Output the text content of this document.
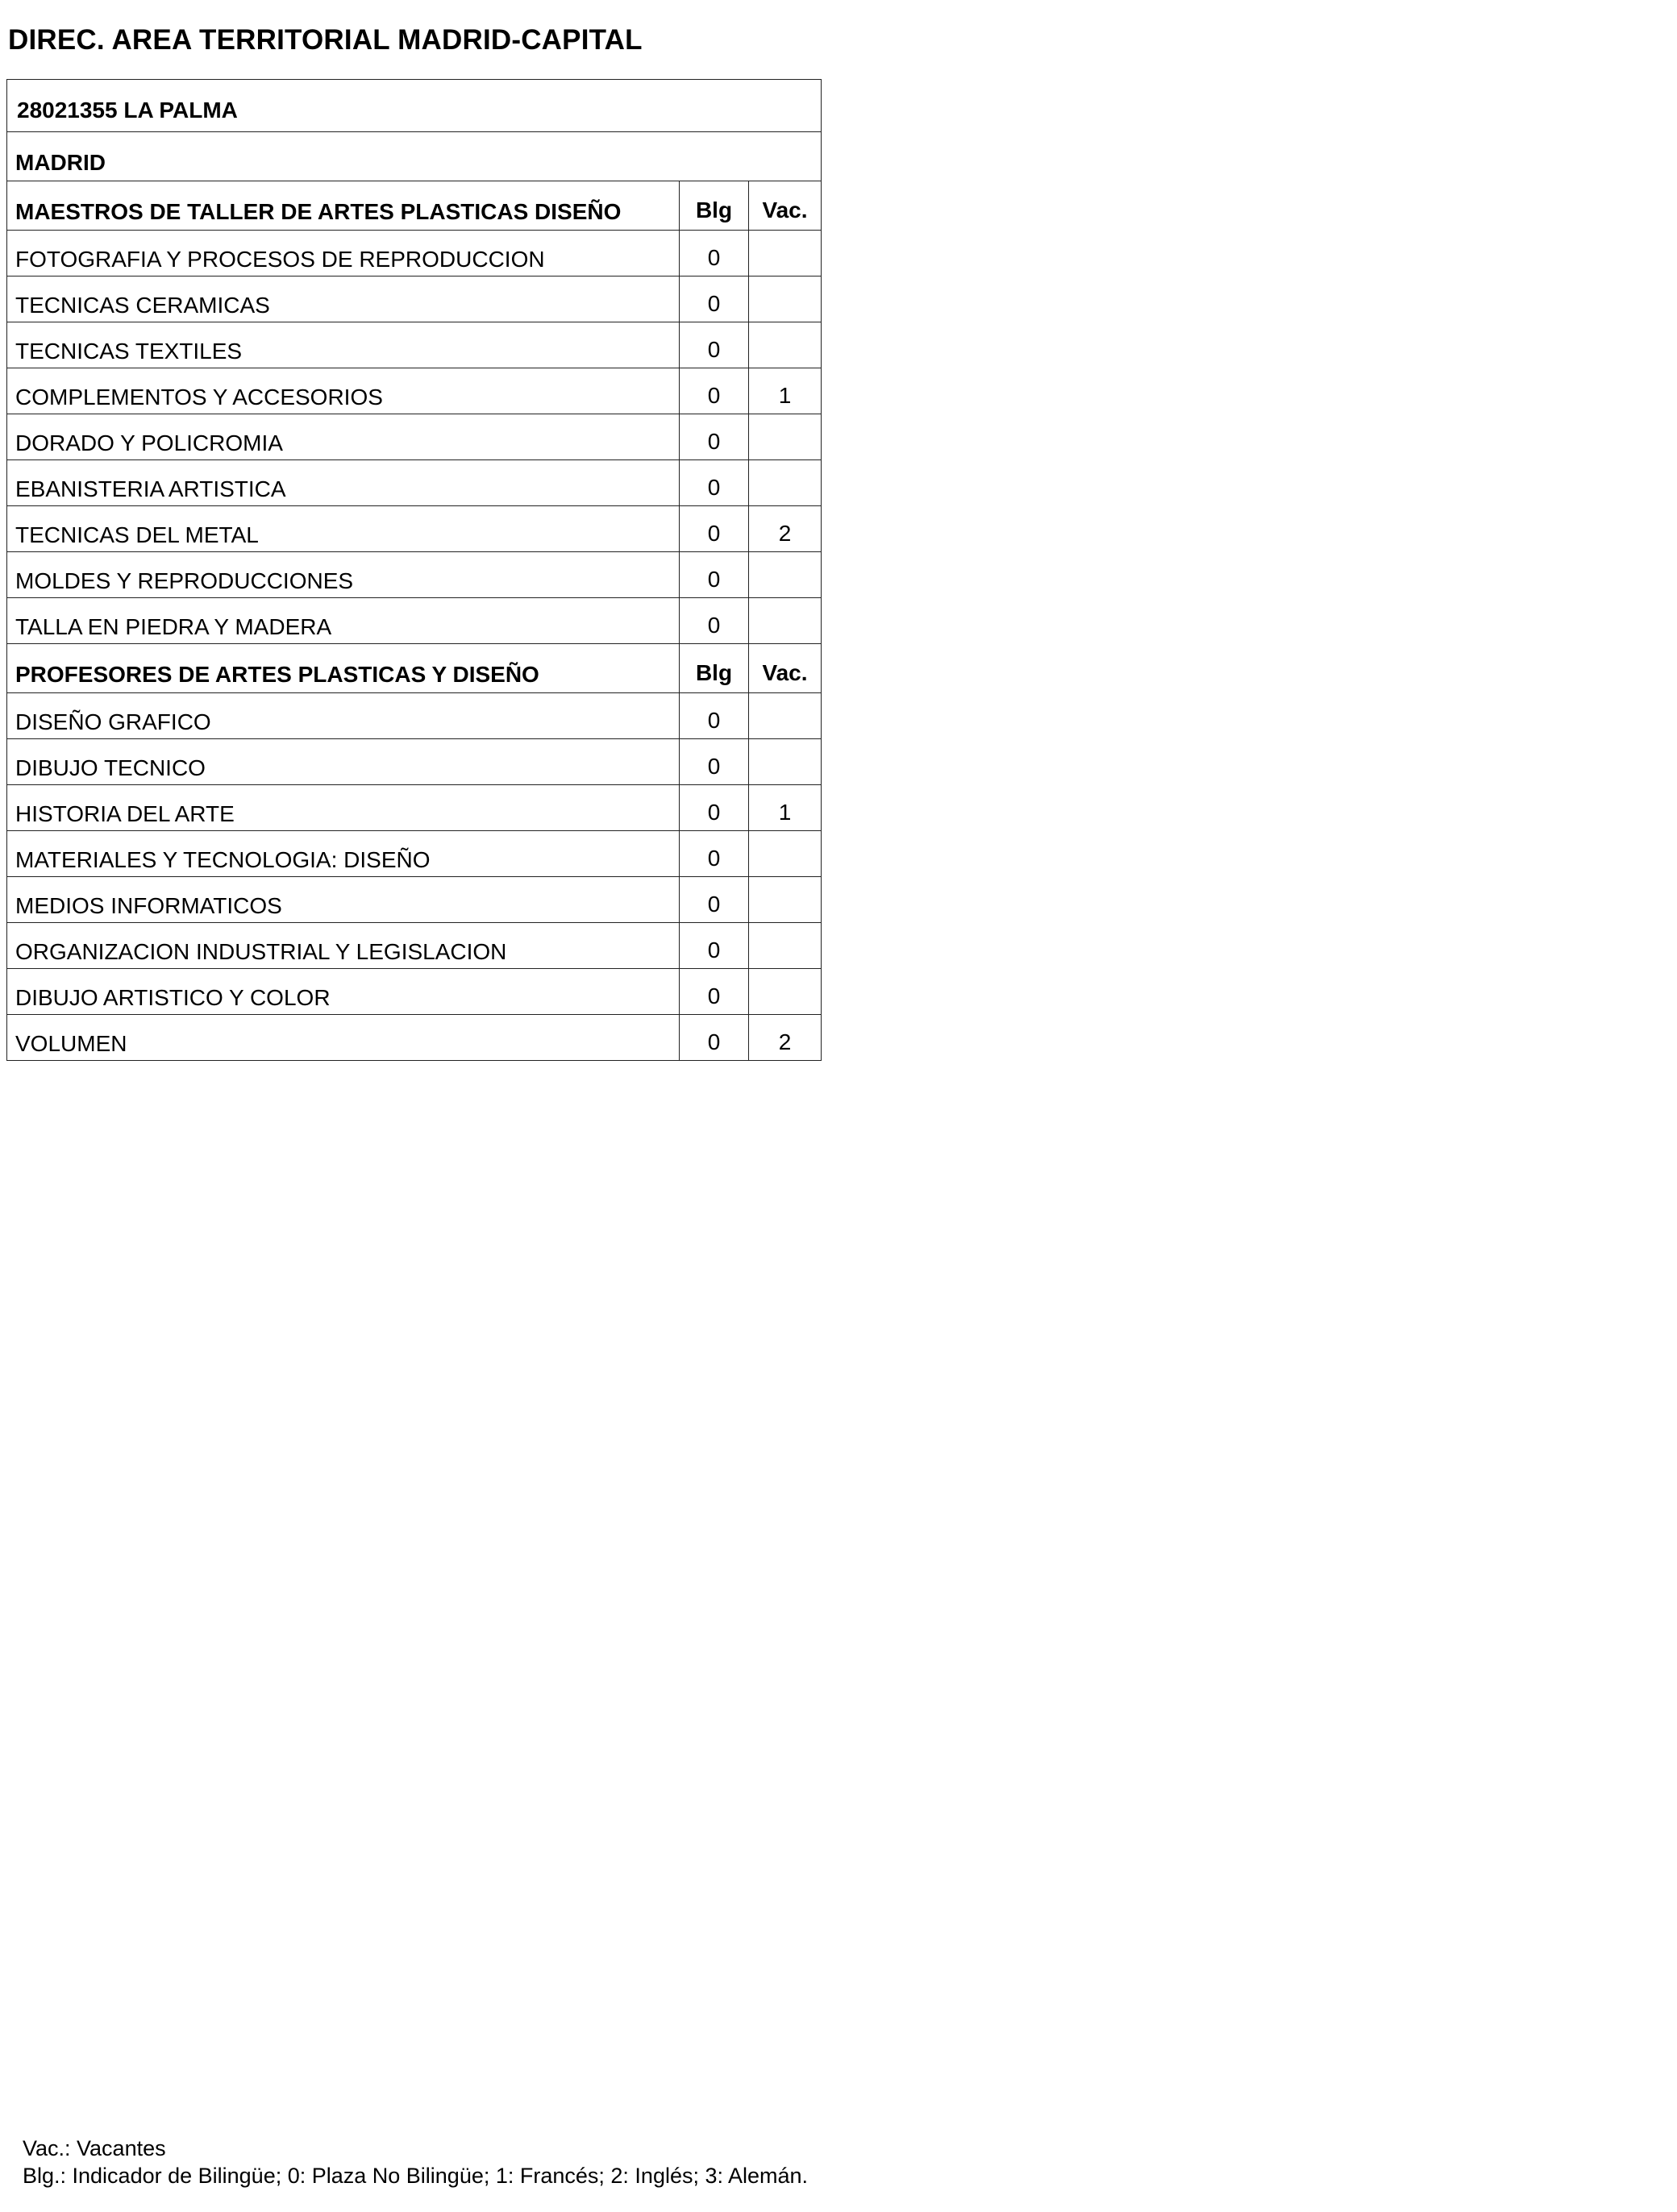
DIREC. AREA TERRITORIAL MADRID-CAPITAL
28021355 LA PALMA		
MADRID		
MAESTROS DE TALLER DE ARTES PLASTICAS DISEÑO	Blg	Vac.
FOTOGRAFIA Y PROCESOS DE REPRODUCCION	0	
TECNICAS CERAMICAS	0	
TECNICAS TEXTILES	0	
COMPLEMENTOS Y ACCESORIOS	0	1
DORADO Y POLICROMIA	0	
EBANISTERIA ARTISTICA	0	
TECNICAS DEL METAL	0	2
MOLDES Y REPRODUCCIONES	0	
TALLA EN PIEDRA Y MADERA	0	
PROFESORES DE ARTES PLASTICAS Y DISEÑO	Blg	Vac.
DISEÑO GRAFICO	0	
DIBUJO TECNICO	0	
HISTORIA DEL ARTE	0	1
MATERIALES Y TECNOLOGIA: DISEÑO	0	
MEDIOS INFORMATICOS	0	
ORGANIZACION INDUSTRIAL Y LEGISLACION	0	
DIBUJO ARTISTICO Y COLOR	0	
VOLUMEN	0	2
Vac.: Vacantes
Blg.: Indicador de Bilingüe; 0: Plaza No Bilingüe; 1: Francés; 2: Inglés; 3: Alemán.
